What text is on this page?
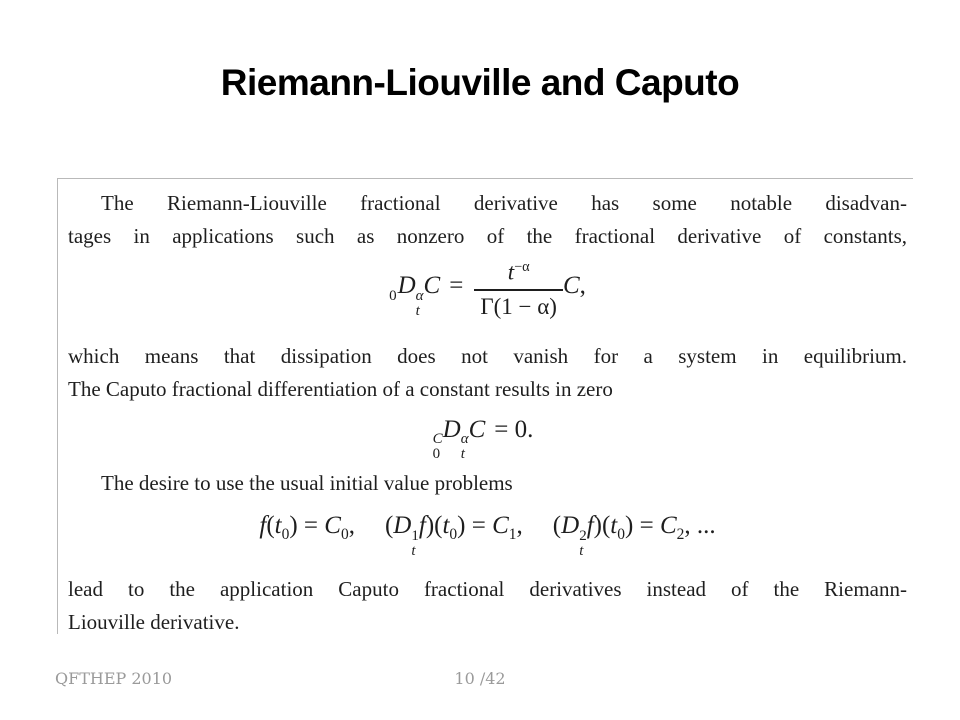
Riemann-Liouville and Caputo
The Riemann-Liouville fractional derivative has some notable disadvan-
tages in applications such as nonzero of the fractional derivative of constants,
$_0$D α
t
$C = \frac{t^{-\alpha}}{\Gamma(1 - \alpha)} C$,
which means that dissipation does not vanish for a system in equilibrium.
The Caputo fractional differentiation of a constant results in zero
C
0
D α
t
C = 0.
The desire to use the usual initial value problems
$f(t_0) = C_0$, (D 1
t
$f)(t_0) = C_1$, (D 2
t
$f)(t_0) = C_2$, ...
lead to the application Caputo fractional derivatives instead of the Riemann-
Liouville derivative.
QFTHEP 2010	10 /42
